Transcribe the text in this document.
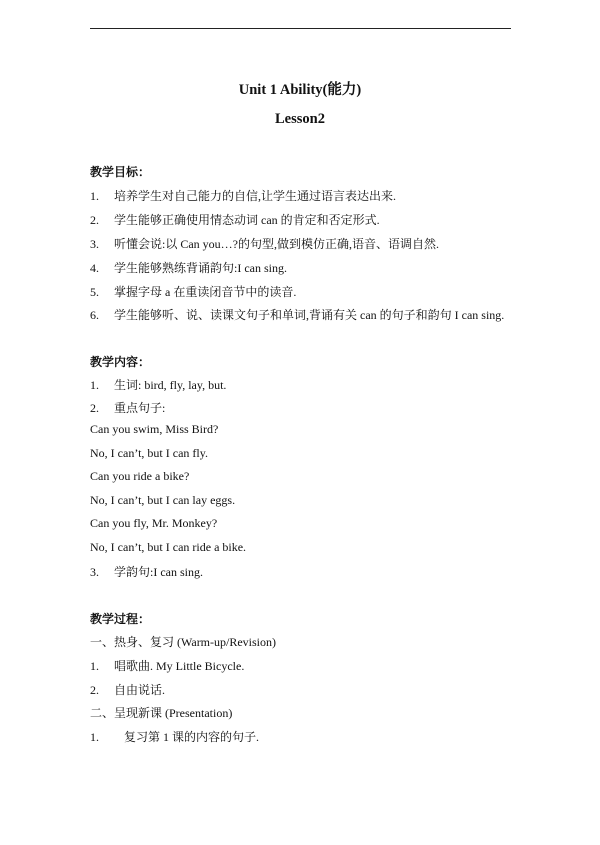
Unit 1 Ability(能力)
Lesson2

教学目标：

1. 培养学生对自己能力的自信,让学生通过语言表达出来.

2. 学生能够正确使用情态动词 can 的肯定和否定形式.

3. 听懂会说:以 Can you…?的句型,做到模仿正确,语音、语调自然.

4. 学生能够熟练背诵韵句:I can sing.

5. 掌握字母 a 在重读闭音节中的读音.

6. 学生能够听、说、读课文句子和单词,背诵有关 can 的句子和韵句 I can sing.

教学内容：

1. 生词: bird, fly, lay, but.

2. 重点句子:

Can you swim, Miss Bird?

No, I can’t, but I can fly.

Can you ride a bike?

No, I can’t, but I can lay eggs.

Can you fly, Mr. Monkey?

No, I can’t, but I can ride a bike.

3. 学韵句:I can sing.

教学过程：

一、热身、复习 (Warm-up/Revision)

1. 唱歌曲. My Little Bicycle.

2. 自由说话.

二、呈现新课 (Presentation)

1. 复习第 1 课的内容的句子.
